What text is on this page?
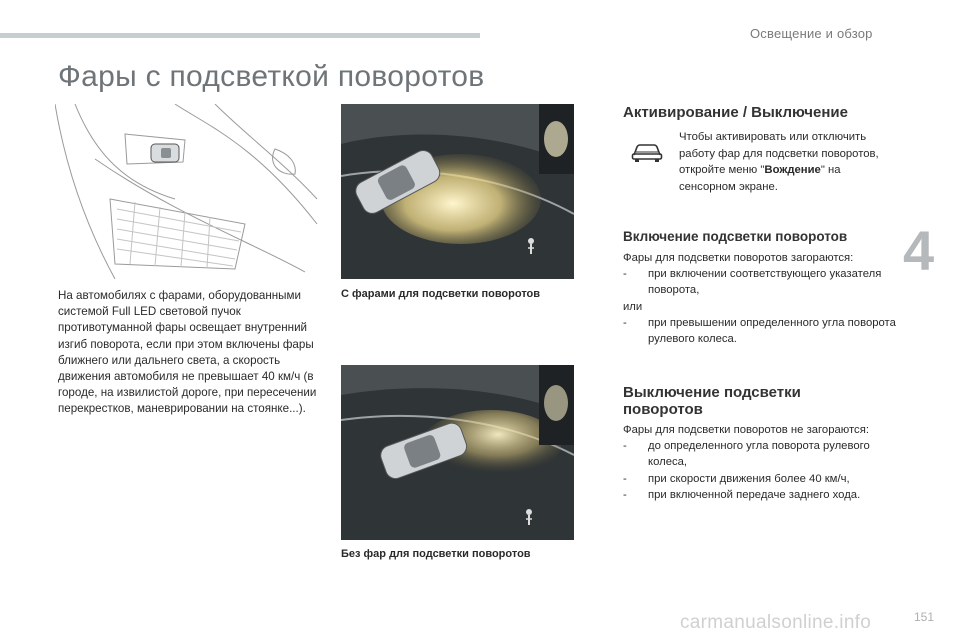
Освещение и обзор
4
Фары с подсветкой поворотов
На автомобилях с фарами, оборудованными системой Full LED световой пучок противотуманной фары освещает внутренний изгиб поворота, если при этом включены фары ближнего или дальнего света, а скорость движения автомобиля не превышает 40 км/ч (в городе, на извилистой дороге, при пересечении перекрестков, маневрировании на стоянке...).
С фарами для подсветки поворотов
Без фар для подсветки поворотов
Активирование / Выключение
Чтобы активировать или отключить работу фар для подсветки поворотов, откройте меню "Вождение" на сенсорном экране.
Включение подсветки поворотов
Фары для подсветки поворотов загораются:
- при включении соответствующего указателя поворота,
или
- при превышении определенного угла поворота рулевого колеса.
Выключение подсветки
поворотов
Фары для подсветки поворотов не загораются:
- до определенного угла поворота рулевого колеса,
- при скорости движения более 40 км/ч,
- при включенной передаче заднего хода.
carmanualsonline.info	151
